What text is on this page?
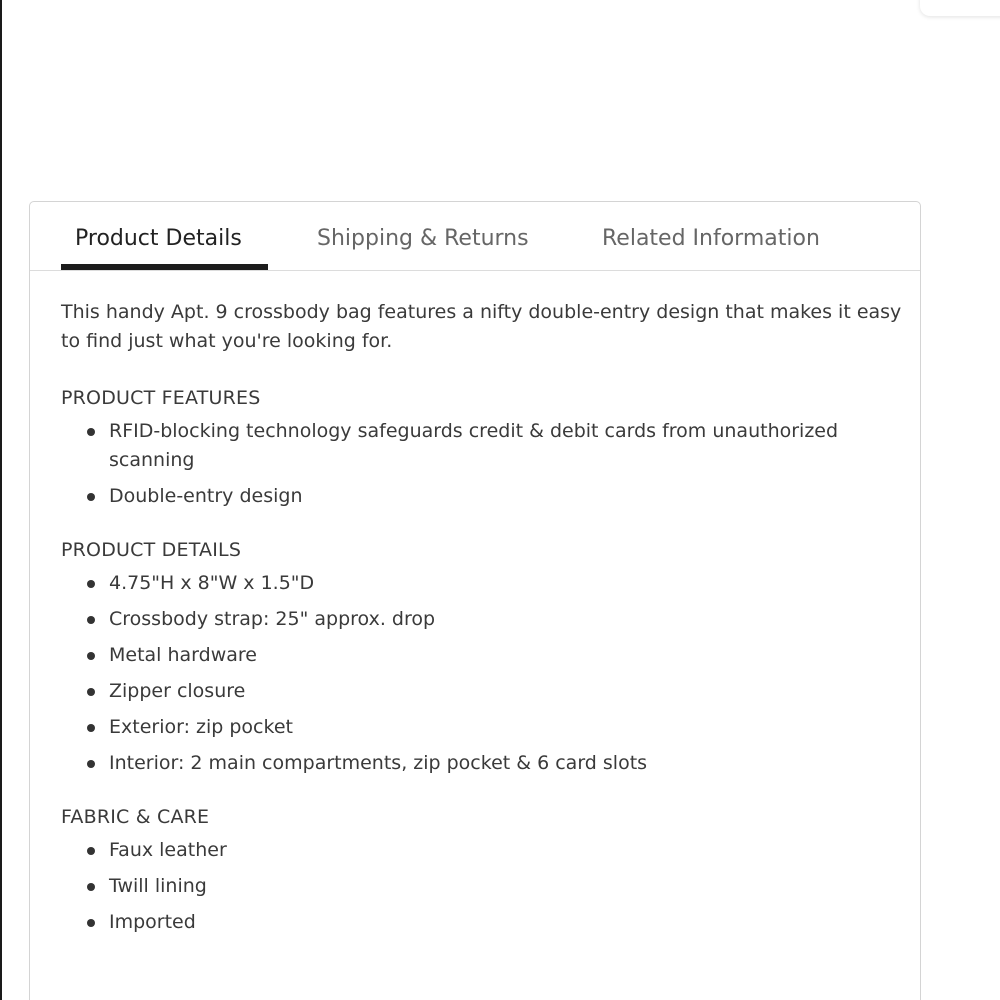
Product Details	Shipping & Returns	Related Information

This handy Apt. 9 crossbody bag features a nifty double-entry design that makes it easy to find just what you're looking for.

PRODUCT FEATURES
RFID-blocking technology safeguards credit & debit cards from unauthorized scanning
Double-entry design
PRODUCT DETAILS
4.75"H x 8"W x 1.5"D
Crossbody strap: 25" approx. drop
Metal hardware
Zipper closure
Exterior: zip pocket
Interior: 2 main compartments, zip pocket & 6 card slots
FABRIC & CARE
Faux leather
Twill lining
Imported
